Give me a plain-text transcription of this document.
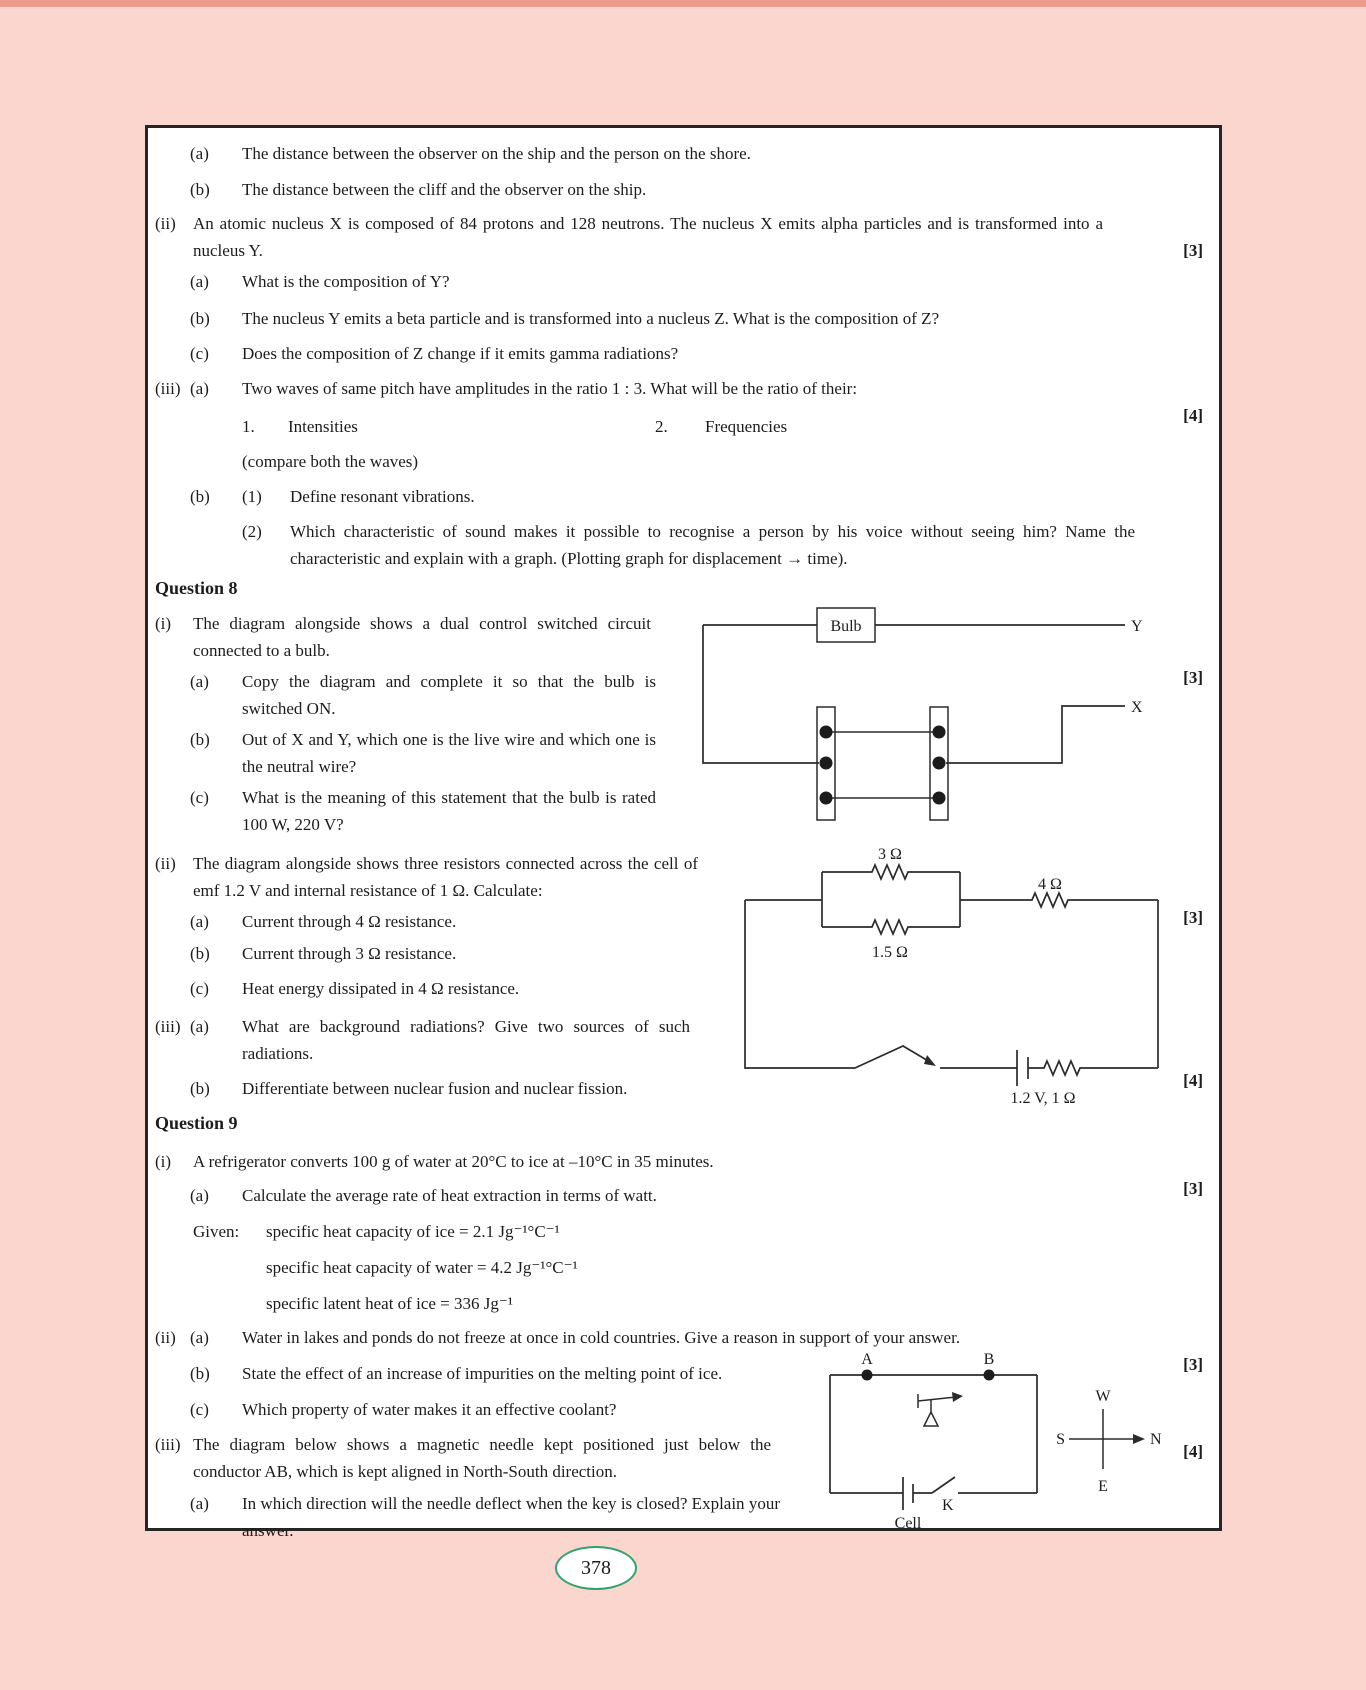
(a) The distance between the observer on the ship and the person on the shore.
(b) The distance between the cliff and the observer on the ship.
(ii) An atomic nucleus X is composed of 84 protons and 128 neutrons. The nucleus X emits alpha particles and is transformed into a nucleus Y.	[3]
(a) What is the composition of Y?
(b) The nucleus Y emits a beta particle and is transformed into a nucleus Z. What is the composition of Z?
(c) Does the composition of Z change if it emits gamma radiations?
(iii) (a) Two waves of same pitch have amplitudes in the ratio 1 : 3. What will be the ratio of their:
[4]
1. Intensities	2. Frequencies
(compare both the waves)
(b) (1) Define resonant vibrations.
(2) Which characteristic of sound makes it possible to recognise a person by his voice without seeing him? Name the characteristic and explain with a graph. (Plotting graph for displacement → time).
Question 8
(i) The diagram alongside shows a dual control switched circuit connected to a bulb.
[3]
(a) Copy the diagram and complete it so that the bulb is switched ON.
(b) Out of X and Y, which one is the live wire and which one is the neutral wire?
(c) What is the meaning of this statement that the bulb is rated 100 W, 220 V?
(ii) The diagram alongside shows three resistors connected across the cell of emf 1.2 V and internal resistance of 1 Ω. Calculate:
[3]
(a) Current through 4 Ω resistance.
(b) Current through 3 Ω resistance.
(c) Heat energy dissipated in 4 Ω resistance.
(iii) (a) What are background radiations? Give two sources of such radiations.
[4]
(b) Differentiate between nuclear fusion and nuclear fission.
Question 9
(i) A refrigerator converts 100 g of water at 20°C to ice at –10°C in 35 minutes.
[3]
(a) Calculate the average rate of heat extraction in terms of watt.
Given: specific heat capacity of ice = 2.1 Jg⁻¹°C⁻¹
specific heat capacity of water = 4.2 Jg⁻¹°C⁻¹
specific latent heat of ice = 336 Jg⁻¹
(ii) (a) Water in lakes and ponds do not freeze at once in cold countries. Give a reason in support of your answer.
[3]
(b) State the effect of an increase of impurities on the melting point of ice.
(c) Which property of water makes it an effective coolant?
(iii) The diagram below shows a magnetic needle kept positioned just below the conductor AB, which is kept aligned in North-South direction.
[4]
(a) In which direction will the needle deflect when the key is closed? Explain your answer.
Bulb	Y
X
3 Ω
1.5 Ω
4 Ω
1.2 V, 1 Ω
A	B
K
Cell
W
E
S	N
378
